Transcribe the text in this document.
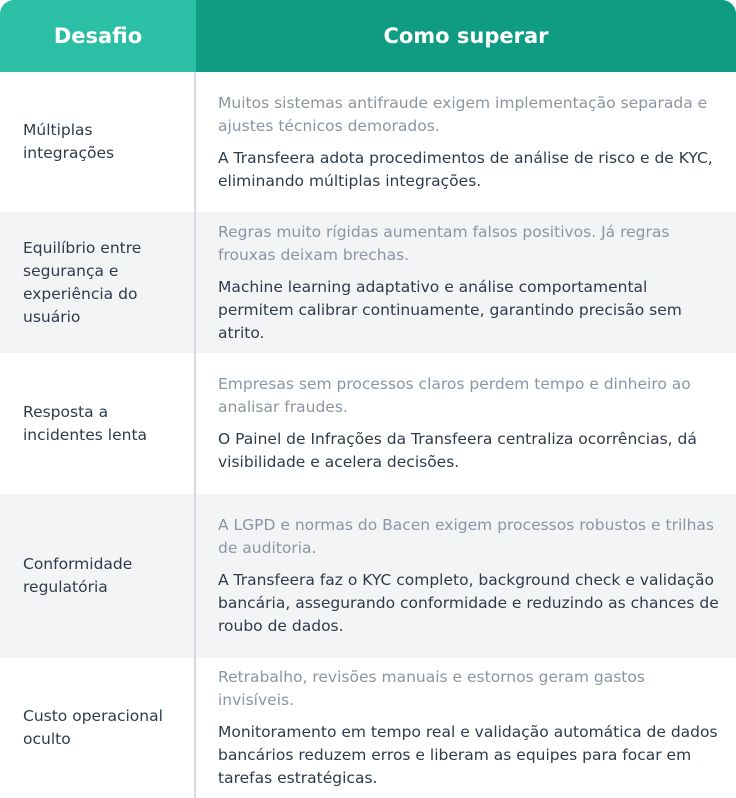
Desafio	Como superar
Múltiplas integrações

Muitos sistemas antifraude exigem implementação separada e ajustes técnicos demorados.

A Transfeera adota procedimentos de análise de risco e de KYC, eliminando múltiplas integrações.

Equilíbrio entre segurança e experiência do usuário

Regras muito rígidas aumentam falsos positivos. Já regras frouxas deixam brechas.

Machine learning adaptativo e análise comportamental permitem calibrar continuamente, garantindo precisão sem atrito.

Resposta a incidentes lenta

Empresas sem processos claros perdem tempo e dinheiro ao analisar fraudes.

O Painel de Infrações da Transfeera centraliza ocorrências, dá visibilidade e acelera decisões.

Conformidade regulatória

A LGPD e normas do Bacen exigem processos robustos e trilhas de auditoria.

A Transfeera faz o KYC completo, background check e validação bancária, assegurando conformidade e reduzindo as chances de roubo de dados.

Custo operacional oculto

Retrabalho, revisões manuais e estornos geram gastos invisíveis.

Monitoramento em tempo real e validação automática de dados bancários reduzem erros e liberam as equipes para focar em tarefas estratégicas.
